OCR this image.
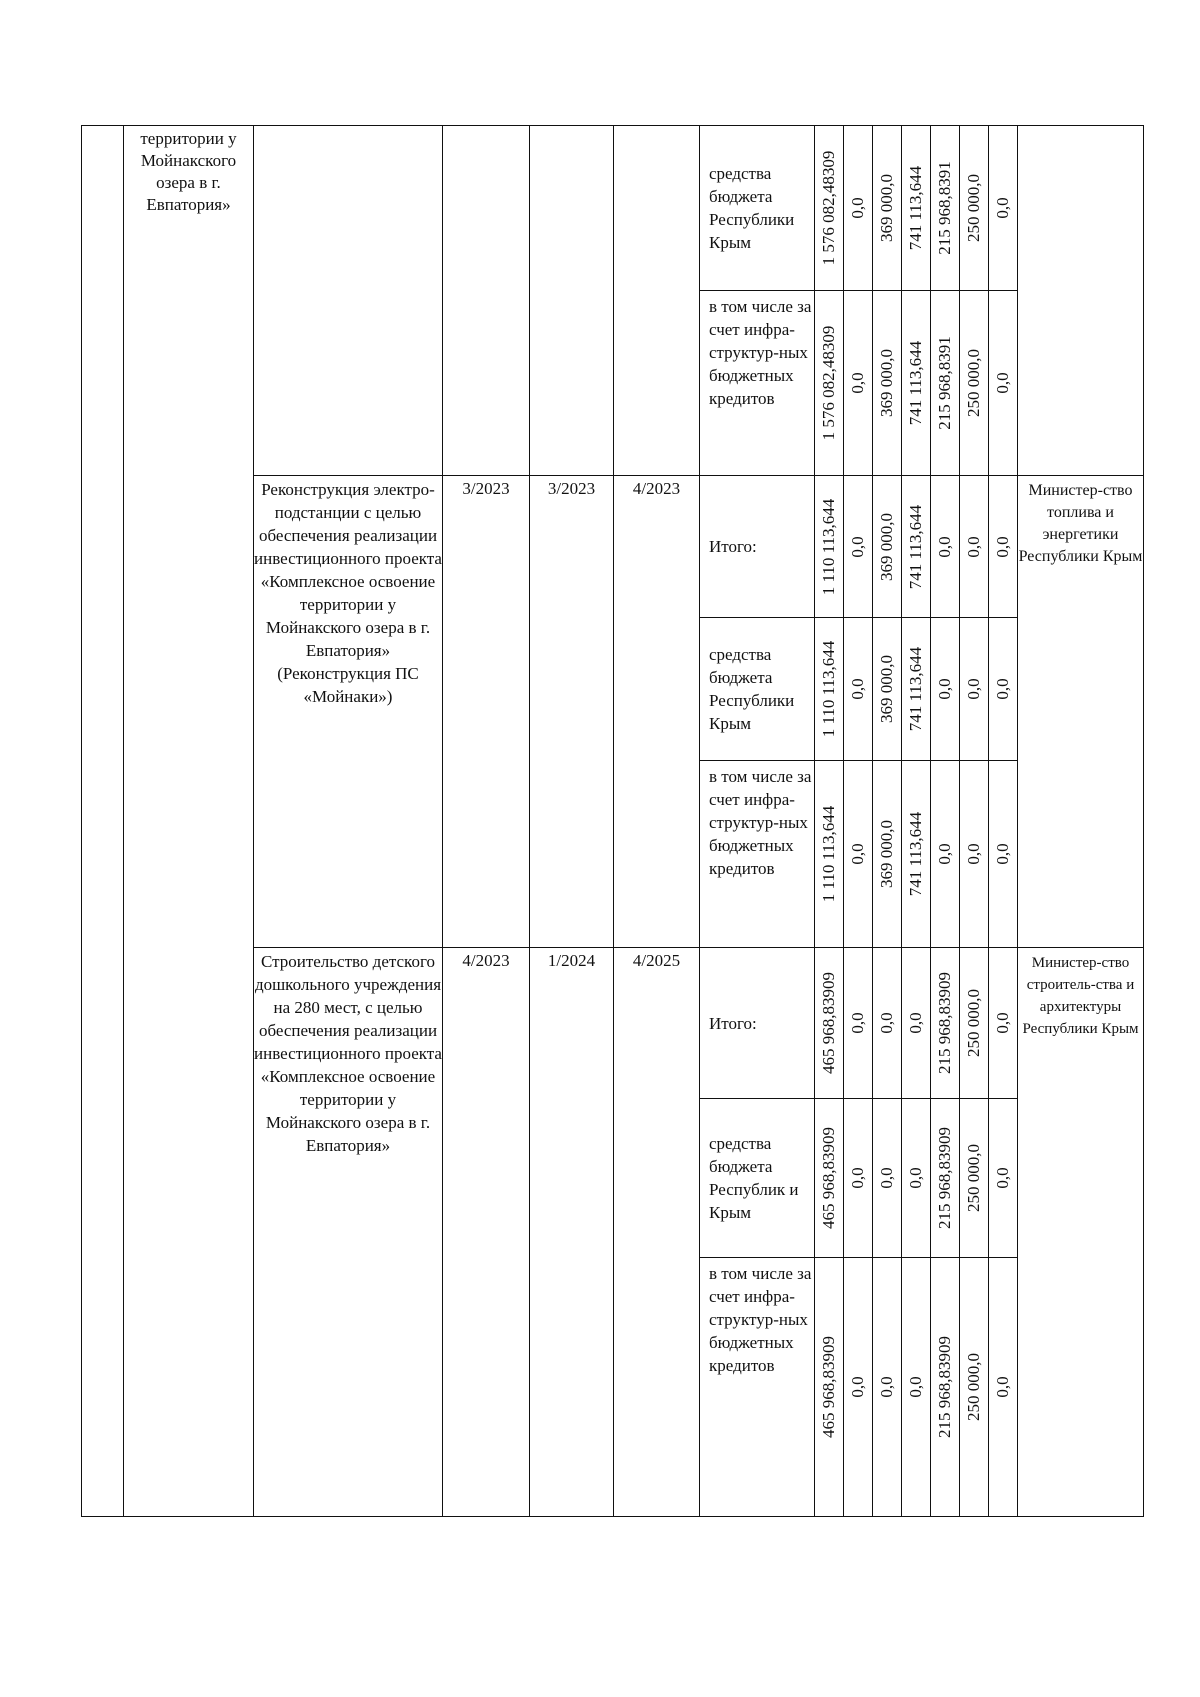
	территории у Мойнакского озера в г. Евпатория»					средства бюджета Республики Крым	1 576 082,48309	0,0	369 000,0	741 113,644	215 968,8391	250 000,0	0,0	

						в том числе за счет инфра-структур-ных бюджетных кредитов	1 576 082,48309	0,0	369 000,0	741 113,644	215 968,8391	250 000,0	0,0	

		Реконструкция электро-подстанции с целью обеспечения реализации инвестиционного проекта «Комплексное освоение территории у Мойнакского озера в г. Евпатория» (Реконструкция ПС «Мойнаки»)	3/2023	3/2023	4/2023	Итого:	1 110 113,644	0,0	369 000,0	741 113,644	0,0	0,0	0,0	Министер-ство топлива и энергетики Республики Крым
						средства бюджета Республики Крым	1 110 113,644	0,0	369 000,0	741 113,644	0,0	0,0	0,0	

						в том числе за счет инфра-структур-ных бюджетных кредитов	1 110 113,644	0,0	369 000,0	741 113,644	0,0	0,0	0,0	

		Строительство детского дошкольного учреждения на 280 мест, с целью обеспечения реализации инвестиционного проекта «Комплексное освоение территории у Мойнакского озера в г. Евпатория»	4/2023	1/2024	4/2025	Итого:	465 968,83909	0,0	0,0	0,0	215 968,83909	250 000,0	0,0	Министер-ство строитель-ства и архитектуры Республики Крым
						средства бюджета Республик и Крым	465 968,83909	0,0	0,0	0,0	215 968,83909	250 000,0	0,0	

						в том числе за счет инфра-структур-ных бюджетных кредитов	465 968,83909	0,0	0,0	0,0	215 968,83909	250 000,0	0,0	
